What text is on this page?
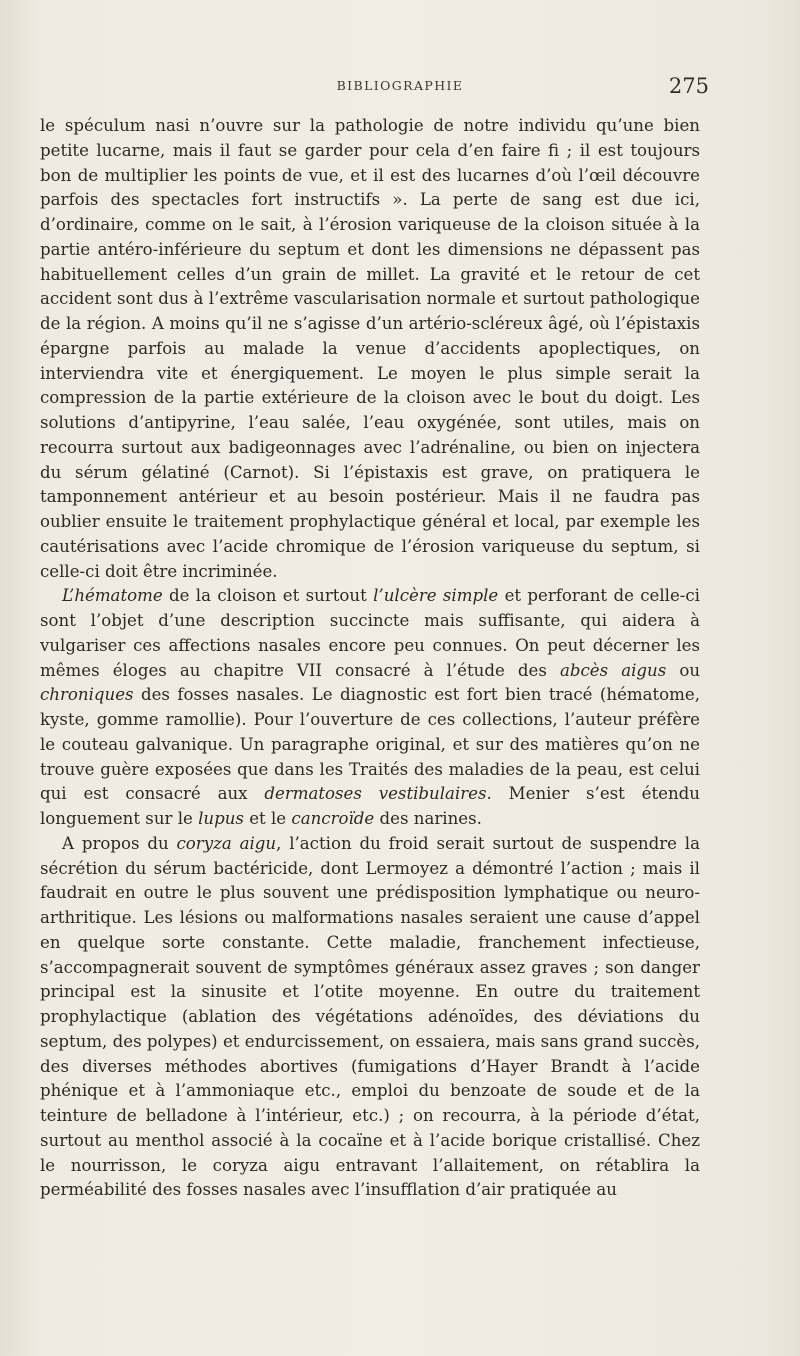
BIBLIOGRAPHIE	275

le spéculum nasi n’ouvre sur la pathologie de notre individu qu’une bien petite lucarne, mais il faut se garder pour cela d’en faire fi ; il est toujours bon de multiplier les points de vue, et il est des lucarnes d’où l’œil découvre parfois des spectacles fort instructifs ». La perte de sang est due ici, d’ordinaire, comme on le sait, à l’érosion variqueuse de la cloison située à la partie antéro-inférieure du septum et dont les dimensions ne dépassent pas habituellement celles d’un grain de millet. La gravité et le retour de cet accident sont dus à l’extrême vascularisation normale et surtout pathologique de la région. A moins qu’il ne s’agisse d’un artério-scléreux âgé, où l’épistaxis épargne parfois au malade la venue d’accidents apoplectiques, on interviendra vite et énergiquement. Le moyen le plus simple serait la compression de la partie extérieure de la cloison avec le bout du doigt. Les solutions d’antipyrine, l’eau salée, l’eau oxygénée, sont utiles, mais on recourra surtout aux badigeonnages avec l’adrénaline, ou bien on injectera du sérum gélatiné (Carnot). Si l’épistaxis est grave, on pratiquera le tamponnement antérieur et au besoin postérieur. Mais il ne faudra pas oublier ensuite le traitement prophylactique général et local, par exemple les cautérisations avec l’acide chromique de l’érosion variqueuse du septum, si celle-ci doit être incriminée.

L’hématome de la cloison et surtout l’ulcère simple et perforant de celle-ci sont l’objet d’une description succincte mais suffisante, qui aidera à vulgariser ces affections nasales encore peu connues. On peut décerner les mêmes éloges au chapitre VII consacré à l’étude des abcès aigus ou chroniques des fosses nasales. Le diagnostic est fort bien tracé (hématome, kyste, gomme ramollie). Pour l’ouverture de ces collections, l’auteur préfère le couteau galvanique. Un paragraphe original, et sur des matières qu’on ne trouve guère exposées que dans les Traités des maladies de la peau, est celui qui est consacré aux dermatoses vestibulaires. Menier s’est étendu longuement sur le lupus et le cancroïde des narines.

A propos du coryza aigu, l’action du froid serait surtout de suspendre la sécrétion du sérum bactéricide, dont Lermoyez a démontré l’action ; mais il faudrait en outre le plus souvent une prédisposition lymphatique ou neuro-arthritique. Les lésions ou malformations nasales seraient une cause d’appel en quelque sorte constante. Cette maladie, franchement infectieuse, s’accompagnerait souvent de symptômes généraux assez graves ; son danger principal est la sinusite et l’otite moyenne. En outre du traitement prophylactique (ablation des végétations adénoïdes, des déviations du septum, des polypes) et endurcissement, on essaiera, mais sans grand succès, des diverses méthodes abortives (fumigations d’Hayer Brandt à l’acide phénique et à l’ammoniaque etc., emploi du benzoate de soude et de la teinture de belladone à l’intérieur, etc.) ; on recourra, à la période d’état, surtout au menthol associé à la cocaïne et à l’acide borique cristallisé. Chez le nourrisson, le coryza aigu entravant l’allaitement, on rétablira la perméabilité des fosses nasales avec l’insufflation d’air pratiquée au
